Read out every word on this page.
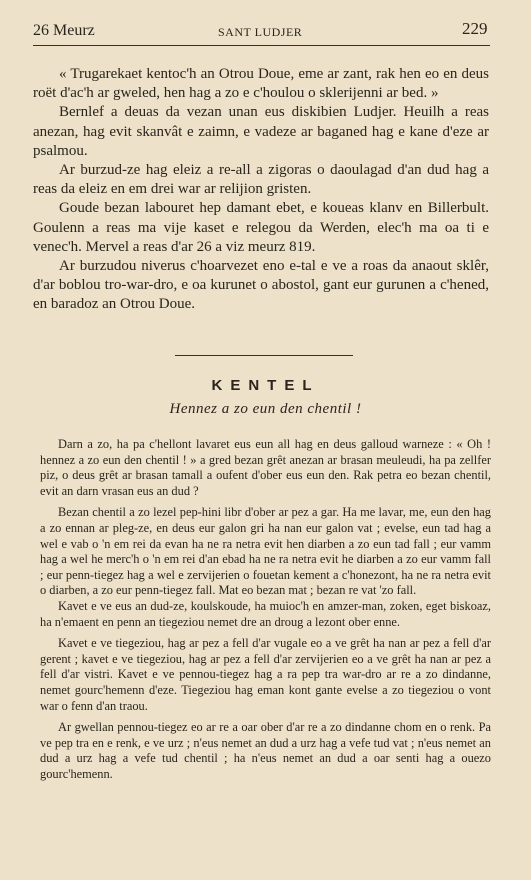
26 Meurz	SANT LUDJER	229

« Trugarekaet kentoc'h an Otrou Doue, eme ar zant, rak hen eo en deus roët d'ac'h ar gweled, hen hag a zo e c'houlou o sklerijenni ar bed. »

Bernlef a deuas da vezan unan eus diskibien Ludjer. Heuilh a reas anezan, hag evit skanvât e zaimn, e vadeze ar baganed hag e kane d'eze ar psalmou.

Ar burzud-ze hag eleiz a re-all a zigoras o daoulagad d'an dud hag a reas da eleiz en em drei war ar relijion gristen.

Goude bezan labouret hep damant ebet, e koueas klanv en Billerbult. Goulenn a reas ma vije kaset e relegou da Werden, elec'h ma oa ti e venec'h. Mervel a reas d'ar 26 a viz meurz 819.

Ar burzudou niverus c'hoarvezet eno e-tal e ve a roas da anaout sklêr, d'ar boblou tro-war-dro, e oa kurunet o abostol, gant eur gurunen a c'hened, en baradoz an Otrou Doue.

KENTEL
Hennez a zo eun den chentil !

Darn a zo, ha pa c'hellont lavaret eus eun all hag en deus galloud warneze : « Oh ! hennez a zo eun den chentil ! » a gred bezan grêt anezan ar brasan meuleudi, ha pa zellfer piz, o deus grêt ar brasan tamall a oufent d'ober eus eun den. Rak petra eo bezan chentil, evit an darn vrasan eus an dud ?

Bezan chentil a zo lezel pep-hini libr d'ober ar pez a gar. Ha me lavar, me, eun den hag a zo ennan ar pleg-ze, en deus eur galon gri ha nan eur galon vat ; evelse, eun tad hag a wel e vab o 'n em rei da evan ha ne ra netra evit hen diarben a zo eun tad fall ; eur vamm hag a wel he merc'h o 'n em rei d'an ebad ha ne ra netra evit he diarben a zo eur vamm fall ; eur penn-tiegez hag a wel e zervijerien o fouetan kement a c'honezont, ha ne ra netra evit o diarben, a zo eur penn-tiegez fall. Mat eo bezan mat ; bezan re vat 'zo fall.

Kavet e ve eus an dud-ze, koulskoude, ha muioc'h en amzer-man, zoken, eget biskoaz, ha n'emaent en penn an tiegeziou nemet dre an droug a lezont ober enne.

Kavet e ve tiegeziou, hag ar pez a fell d'ar vugale eo a ve grêt ha nan ar pez a fell d'ar gerent ; kavet e ve tiegeziou, hag ar pez a fell d'ar zervijerien eo a ve grêt ha nan ar pez a fell d'ar vistri. Kavet e ve pennou-tiegez hag a ra pep tra war-dro ar re a zo dindanne, nemet gourc'hemenn d'eze. Tiegeziou hag eman kont gante evelse a zo tiegeziou o vont war o fenn d'an traou.

Ar gwellan pennou-tiegez eo ar re a oar ober d'ar re a zo dindanne chom en o renk. Pa ve pep tra en e renk, e ve urz ; n'eus nemet an dud a urz hag a vefe tud vat ; n'eus nemet an dud a urz hag a vefe tud chentil ; ha n'eus nemet an dud a oar senti hag a ouezo gourc'hemenn.
